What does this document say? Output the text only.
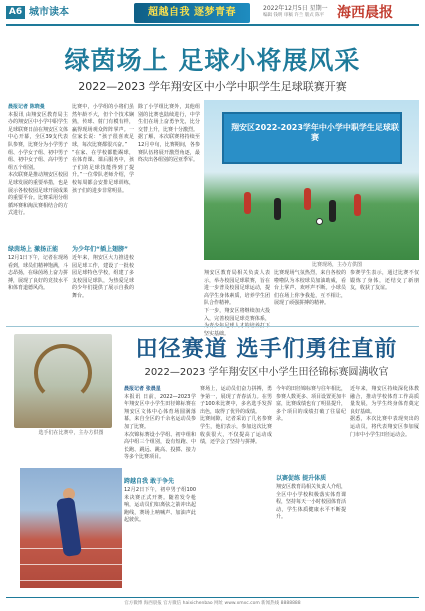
A6 城市读本	超越自我 逐梦青春	2022年12月5日 星期一
编辑 钱明 审稿 许兰 版式 陈平 海西晨报
绿茵场上 足球小将展风采
2022—2023 学年翔安区中小学中职学生足球联赛开赛
晨报记者 陈晓曼
本报讯 由翔安区教育局主办的翔安区中小学中职学生足球联赛日前在翔安区文体中心开幕，全区39支代表队参赛，比赛分为小学男子组、小学女子组、初中男子组、初中女子组、高中男子组五个组别。
本次联赛是推动翔安区校园足球发展的重要举措，也是展示各校校园足球开展成果的重要平台。比赛采用分组循环赛和淘汰赛相结合的方式进行。
绿茵场上 激扬正能
12月1日下午，记者在现场看到，球员们精神饱满，斗志昂扬，在绿茵场上奋力拼搏，展现了良好的竞技水平和体育道德风尚。
比赛中，小学组的小将们虽然年龄不大，但个个技术娴熟，传球、射门有模有样，赢得现场观众阵阵掌声。一位家长说：“孩子很喜欢足球，每次比赛都很兴奋。”
“在家、在学校都能踢球，在体育课、课后服务中，孩子们的足球技能得到了提升。”一位带队老师介绍，学校每周都会安排足球训练，孩子们的进步非常明显。
为少年们“插上翅膀”
近年来，翔安区大力推进校园足球工作，建设了一批校园足球特色学校，组建了多支校园足球队，为热爱足球的少年们提供了展示自我的舞台。
除了小学组比赛外，其他组别的比赛也陆续进行，中学生们在场上奋勇争先，比分交替上升，比赛十分激烈。
据了解，本次联赛将持续至12月中旬，比赛期间，各参赛队伍将展开激烈角逐，最终决出各组别的冠亚季军。
翔安区2022-2023学年中小学中职学生足球联赛
比赛现场，主办方供图
翔安区教育局相关负责人表示，举办校园足球联赛，旨在进一步普及校园足球运动，提高学生身体素质，培养学生团队合作精神。
下一步，翔安区将继续加大投入，完善校园足球竞赛体系， 坚实基础。
比赛现场气氛热烈，来自各校的啦啦队为本校球员加油助威，看台上掌声、欢呼声不断。小球员们在场上你争我抢，互不相让，展现了顽强拼搏的精神。
参赛学生表示，通过比赛不仅锻炼了身体，还结交了新朋友，收获了友谊。
选手们在比赛中，主办方供图
田径赛道 选手们勇往直前
2022—2023 学年翔安区中小学生田径锦标赛圆满收官
晨报记者 张晨星
本报讯 日前，2022—2023学年翔安区中小学生田径锦标赛在翔安区文体中心体育场圆满落幕，来自全区的千余名运动员参加了比赛。
本次锦标赛设小学组、初中组和高中组三个组别，设有短跑、中长跑、跳远、跳高、投掷、接力等多个比赛项目。
跨越自我 敢于争先
12月2日下午，初中男子组100米决赛正式开赛。随着发令枪响，运动员们如离弦之箭冲出起跑线，赛场上呐喊声、加油声此起彼伏。
赛场上，运动员们奋力拼搏，勇争第一，展现了青春活力。在男子100米比赛中，多名选手发挥出色，取得了优异的成绩。
比赛间隙，记者采访了几名参赛学生，他们表示，参加这次比赛收获很大，不仅提高了运动成绩，还学会了坚持与拼搏。
今年的田径锦标赛与往年相比，参赛人数更多、项目设置更加丰富，比赛成绩也有了明显提升，多个项目的成绩打破了往届纪录。
以赛促练 提升体质
翔安区教育局相关负责人介绍，全区中小学校积极落实体育课程，坚持每天一小时校园体育活动，学生体质健康水平不断提升。
近年来，翔安区持续深化体教融合，推动学校体育工作高质量发展，为学生终身体育奠定良好基础。
据悉，本次比赛中表现突出的运动员，将代表翔安区参加厦门市中小学生田径运动会。
官方微博 海西晨报 官方微信 haixichenbao 网址 www.xmxc.com 新闻热线 8888888
